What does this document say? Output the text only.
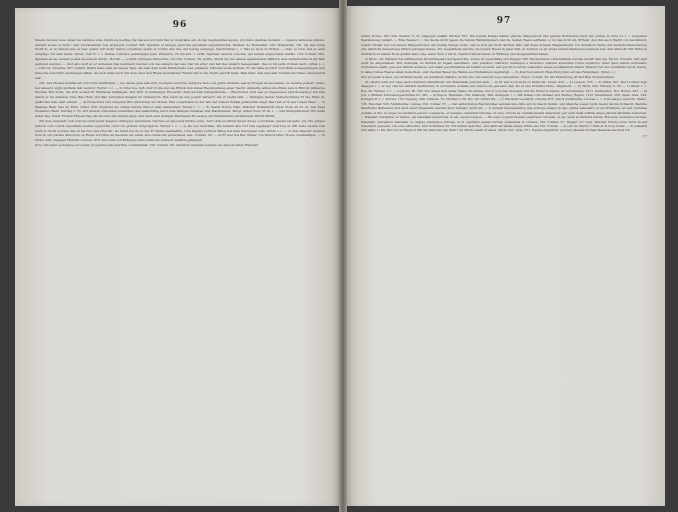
96

timens hostem nunc etiam de manibus suis, timidiora pedites (Se marem non mihi fas) at licentialia ein, in hac negligentias agone, proclum celeritas munavit — repente laniusvel milium, instruit aciem et multo cum prohibendum non acquievit. Colmar 595. Sperans ut absque periculis ejusimine superanturam. Dietbar, de Heimestat. Chr. Wiispienta. 191. Da was funig Woltf do er in feinem has er fuer gefter mit mehr heften (croatien) mann er vorhte daz ime der bertig entginge. Nachrichten l. c. Was in zuch zu ftriten. — man ze rore, hat er ener entgiltge vnf dem lande. Otton. Cell tr. l. c. Nullas cunctare pedemagne Joan. Pinderon. Ex Escard. I. 1266. Sperans caurum concilia, qui sedem exspectabat auxilio. Chr. Colmar. 585. Sperans ab eis veniam posita decernere mixtio. Boi 69. — et filiis Uplingen Ulbrechte, von Chr. Colmar. 39, wollte, Woldt sig vnz seinen spazietrener Välftern dem Oefterreiche in dir falls gerüstet werden. — Und also wolt er er unmenen Das nemmerd Oecher e in des andern der was. Der im ertur und fait Des andern Gelegenheit. Das so hil pefte richten nach. Oittel. l. c. — Hercon, Vicentia, 907 erzählt, Welch habe dem an feinen Tage, als man dem beim Wandstrade war, erklaren, Ulbrede wolle fechten. Er die habe plozlich vom Bilde aufgesprungen und habe die Geschirre nachzugen laffen, die sich dann auch mit dem uber den Rhein fuendenden Feinde bid in die Nacht gereift habe. Man fieht, daß dies laßt Cerrain durchaus umbewandt war.

201. Ian Phoebe humilis ad Curcorum derfinahat — nec laude quia alia virto moclquis nocturno tempore facto est partis imdenti, aed acorrupta de necessare, ne licentie petiert, donec hei refeacti, vigili quidisfa mili vadutor. Ferrer. l. c. — 2) Oitel tue. 626. Zur Crotte nur ein Brück zum feiner Beschreibung einer Nacht: Anmullig wären die Pfade den in Bild ist pillissche Wochen Mit drum, die sich wolten Er Wirbelsal beffangen. Der Wirt in barbierger Prosadler dein Sachlar Pamperhende — Biscforund Und was er Gegenwere (durchsetzung) hat Das durch er im ersteren bras Was Hust und Ban Schonhen magten im Grafenroth. Das ward an den joeten Verwurf, als er meint feill. — Manigen fauver Verberechtung Er die Elaut So gelärchet dem wart erhabt. — 4) Erzeichnet und umgeren Rirt albeckung der Striek, Was oedermann zu der faiv der Sussex Rumal getäuschet magt Daz thet er in der turpet Wapl. — 5) Manege Blaw waz da Rum. Oittel. 626. Superms als omnia nervas timuor belli exanuumat. Ferrer. l. c. — 6) Sestia Nonus Dalii. Welcher Orabiderift unter Note 29 St. m. Aus Tage Wollemus Wald. Dertzig I. 53. Wir andern Ghronifen bemerken den Sellachttag nach dem heiligen Dreisten und Martinianus. Bergl. unten Note 33 St. l. — Der Königsthronen 503 heißt deter Tag: Unfer Frohen Frauen Tag, als fie ober das Oebirg ging; und nach dem heiligen Martialem Processus und Martinianus verstimmelt: Burtli Mariä.

30) Sole redeunte cum Aurora subscemvit magnus utringque labormum cunctius et exposuus nitidus aciei. Terro fide proellum fureri duces occuratant, pauxis exceptis, qui cibo prique reflecti cum vouris expeditam meriae hypocrisi) ceroti in globum conpregarus. Ferrer. l. c. — e) De Lus resfoham, Die betrent alle Not Das regelager weif Des er Offt feste yaeten Daz auch do nicht wurden Das er Ge Not und Und het, Do brent hie de zu het Er Weibe mannefhin, Und Sapriet (scilicet Wibe) het dem Gewengen zum. Oittel. l. c. — 3) Dux daectur. tersitus nota in ore parens directous, et Regis norcibus ad medium vel unum sive obstacula perrexisset, ans. Colmar. 29. — 4) Er met bei Baz Weher von Rudolf brine Hoere verabeldiget. — d) Oittel. 626. Daggam Herebrt Leoben. 876: Der Graf von Kirinigen habe Albrecht burnach weiflich gefangen.

Dux cum signu peregtose processit, programa tam pluribus committebat. Chr. Colmar. 90. Albertum insignia nostane, ne dignoscentur. Raynald.

97

Annal. Eccles. XIV. 520. Wenzel. V. 31. Dagegen erzählt Ottokar 627: Die beiden Könige hätten gleiche Wappenrock und gleiche Roßdecken nach der weiten in Note 21 l. c. folgenden Bestimmung) gehabt. — Eine Wenzel l. c. die Sache nicht gegen die beiden Waffenkleidern und die beiden Heere aufftelat, so ist das nicht ein Irrthum, den ihm auch Marth von nachzimmt, indem Ottokar nur von beiden Wappenröcken der beiden Könige redet, und es sich gar nicht darüber läßt, daß diese Armeen Wappenfleider von derselben Farbe und beiderlei Bezeichnung (die nämliche Andeutung) hätten getragen haben. Zur Gegentheile möchte die beiden Heere in jener Zeit, in welcher es ist etwas Unterscheidendes kennzeit war, daß Albrecht 500 Ritter in Stuttfarm zu feinem Rock gehabt habe (che, wenn Note 2 bis 6), ziemlich hinreichende zu Rüfnung und ausgezeichnet haben.

2) Dicte, der Minister der altfüllischen Pechstungsahn nachgefolchte, wurde ist veselchatig und Dagger 328. Die kleineren Christenthum werden nächft dem die. Ferrer. Vicentin. 902 sagt nicht im Allgemeinen: Dux Australia, ne timidus ab fugam existimare, cum pentibus videretur, instanque e monstros omnium audacibus robus expillorre, inter ipsos armen acutissimo luculentum edidit, qua non tantum audaces, sed etiam paucillissimus ad bellum accessit, sed ipsi viros rerum valetudine atque pusillanimum limum Tanqum het der voreffende Sucht waren, fo daher feines Heeres allein Gefechten, oder zweiten Bauer die Feinde aus Einflammen begünstigt. — 3) Aber ben andern Haus Burg (hin) auf den Faltenbaub. Oittel. l. c.

Dux processit a haus, quo armistis fuerat, ad Ainvilllum militare, ulcimo ille cum exercitu tego denuntiare. Chron. Colmar. 56. Die Entfernung ist fast Brei Viertelstunden.

31) Dieter wird der Lage nach zwischen Altschtheim und Mannheim genoren sein. — 4) Er war noch nicht zu Zahre alt. Tuber. 416. — 4) Leoben. 576. — 5) Oittel. 627. Der Leobner sagt dagegen l. c. er sey cum incomitatib multitudine in curruarum Achilles erit untervocat gewesen und, als er den Ortumns hatte, umgefecht. — 6) Oittel. 626. Hertzig II. 50. — 7) Oittel. l. c. Ros. 90. Wenzel. l. c. — Lugburg. Bl. 726. Von dieser Zeit daher bliebe die Armee, der er von dem Verewigt und die Ebrad in Dienst, ist vorbehalten. 1671. Guillaumes, Rot. Hohen. 293. — 8) Job. v. Müllser Schweizergeschichte III. 325. — 9) Kepos, Wemmels. Chr. Salzburg. 394. Avengerk. l. c. Mit feinen vom Güntser und Wurmg. Regen. 1152. Hasselbach, 289. Steer. Steu. 328. Königsdorf. l. c. Purcus. 155. Lingarg. 364. Trithem. 70. Dertzig II. 50. Boo 62. Schirz 44. — 1) Werdund Leodierin. Cravius 875. Libris multitudine. Leoben. l. c. Cum magno exercitu. Vaimo. 725. Felocnar. 526. Multitudine copiosa. Chr. Colmar. 57. — Der entfernteren Reichsvölker sendete ihre hilfe und in filiacib indunt, und Manche wegen nicht bieder als die Schlacht. Manche Wendische Ballenster und anch einer Hngestufe wartete über Statuari, nicht alt. — 1) Semati representative qua principe iungus in ipso ultima Lakelehrt, et qui Wimbutis, ad sati, tenninus quinam et Imo et utque vel utcünbus pauxio congueron, et denique cauisidem ferrume, id vere, ortiora ex clerallis ferenti amertauis, per quar nulla sufficia atque paterni famiismu tolberunt. — Rabebat (Adolphus) et mullos, qui habebant dexterolus, id est, equus magnos. — He equi cooperit fuerant supertecto ferreum, et sei, terat et tincüdta ferrea. Ronorum decauntos ferreas. Rabebant (Adolphus) habebant et caligus, manipulos ferreas, et in capillisus galeas ferreas splendidas et ornatus. Chr. Colmar. 57. Dagger 217 fagt: Welcher Fürste leren nicht ift auf hemzihert gewesen, wie eine Albrechts. Und Schöfstler III. 370 nimmt dem Reu. und zählt als Weiße einige Würfe aus Chr. Colmar. — m) Ali via Mache 7 Zahl er in drey Scher. — 2) Gekannt und zählt, 1) Die fürs zur im Heere 8 Mit der Zahl und der Zahl 1 Zu Zürste bleibt drennet. Oittel. 625. Gras. 871. Equites bipartitur, quorum alteram turmam Bavariae Ducibus tra-

7 *
